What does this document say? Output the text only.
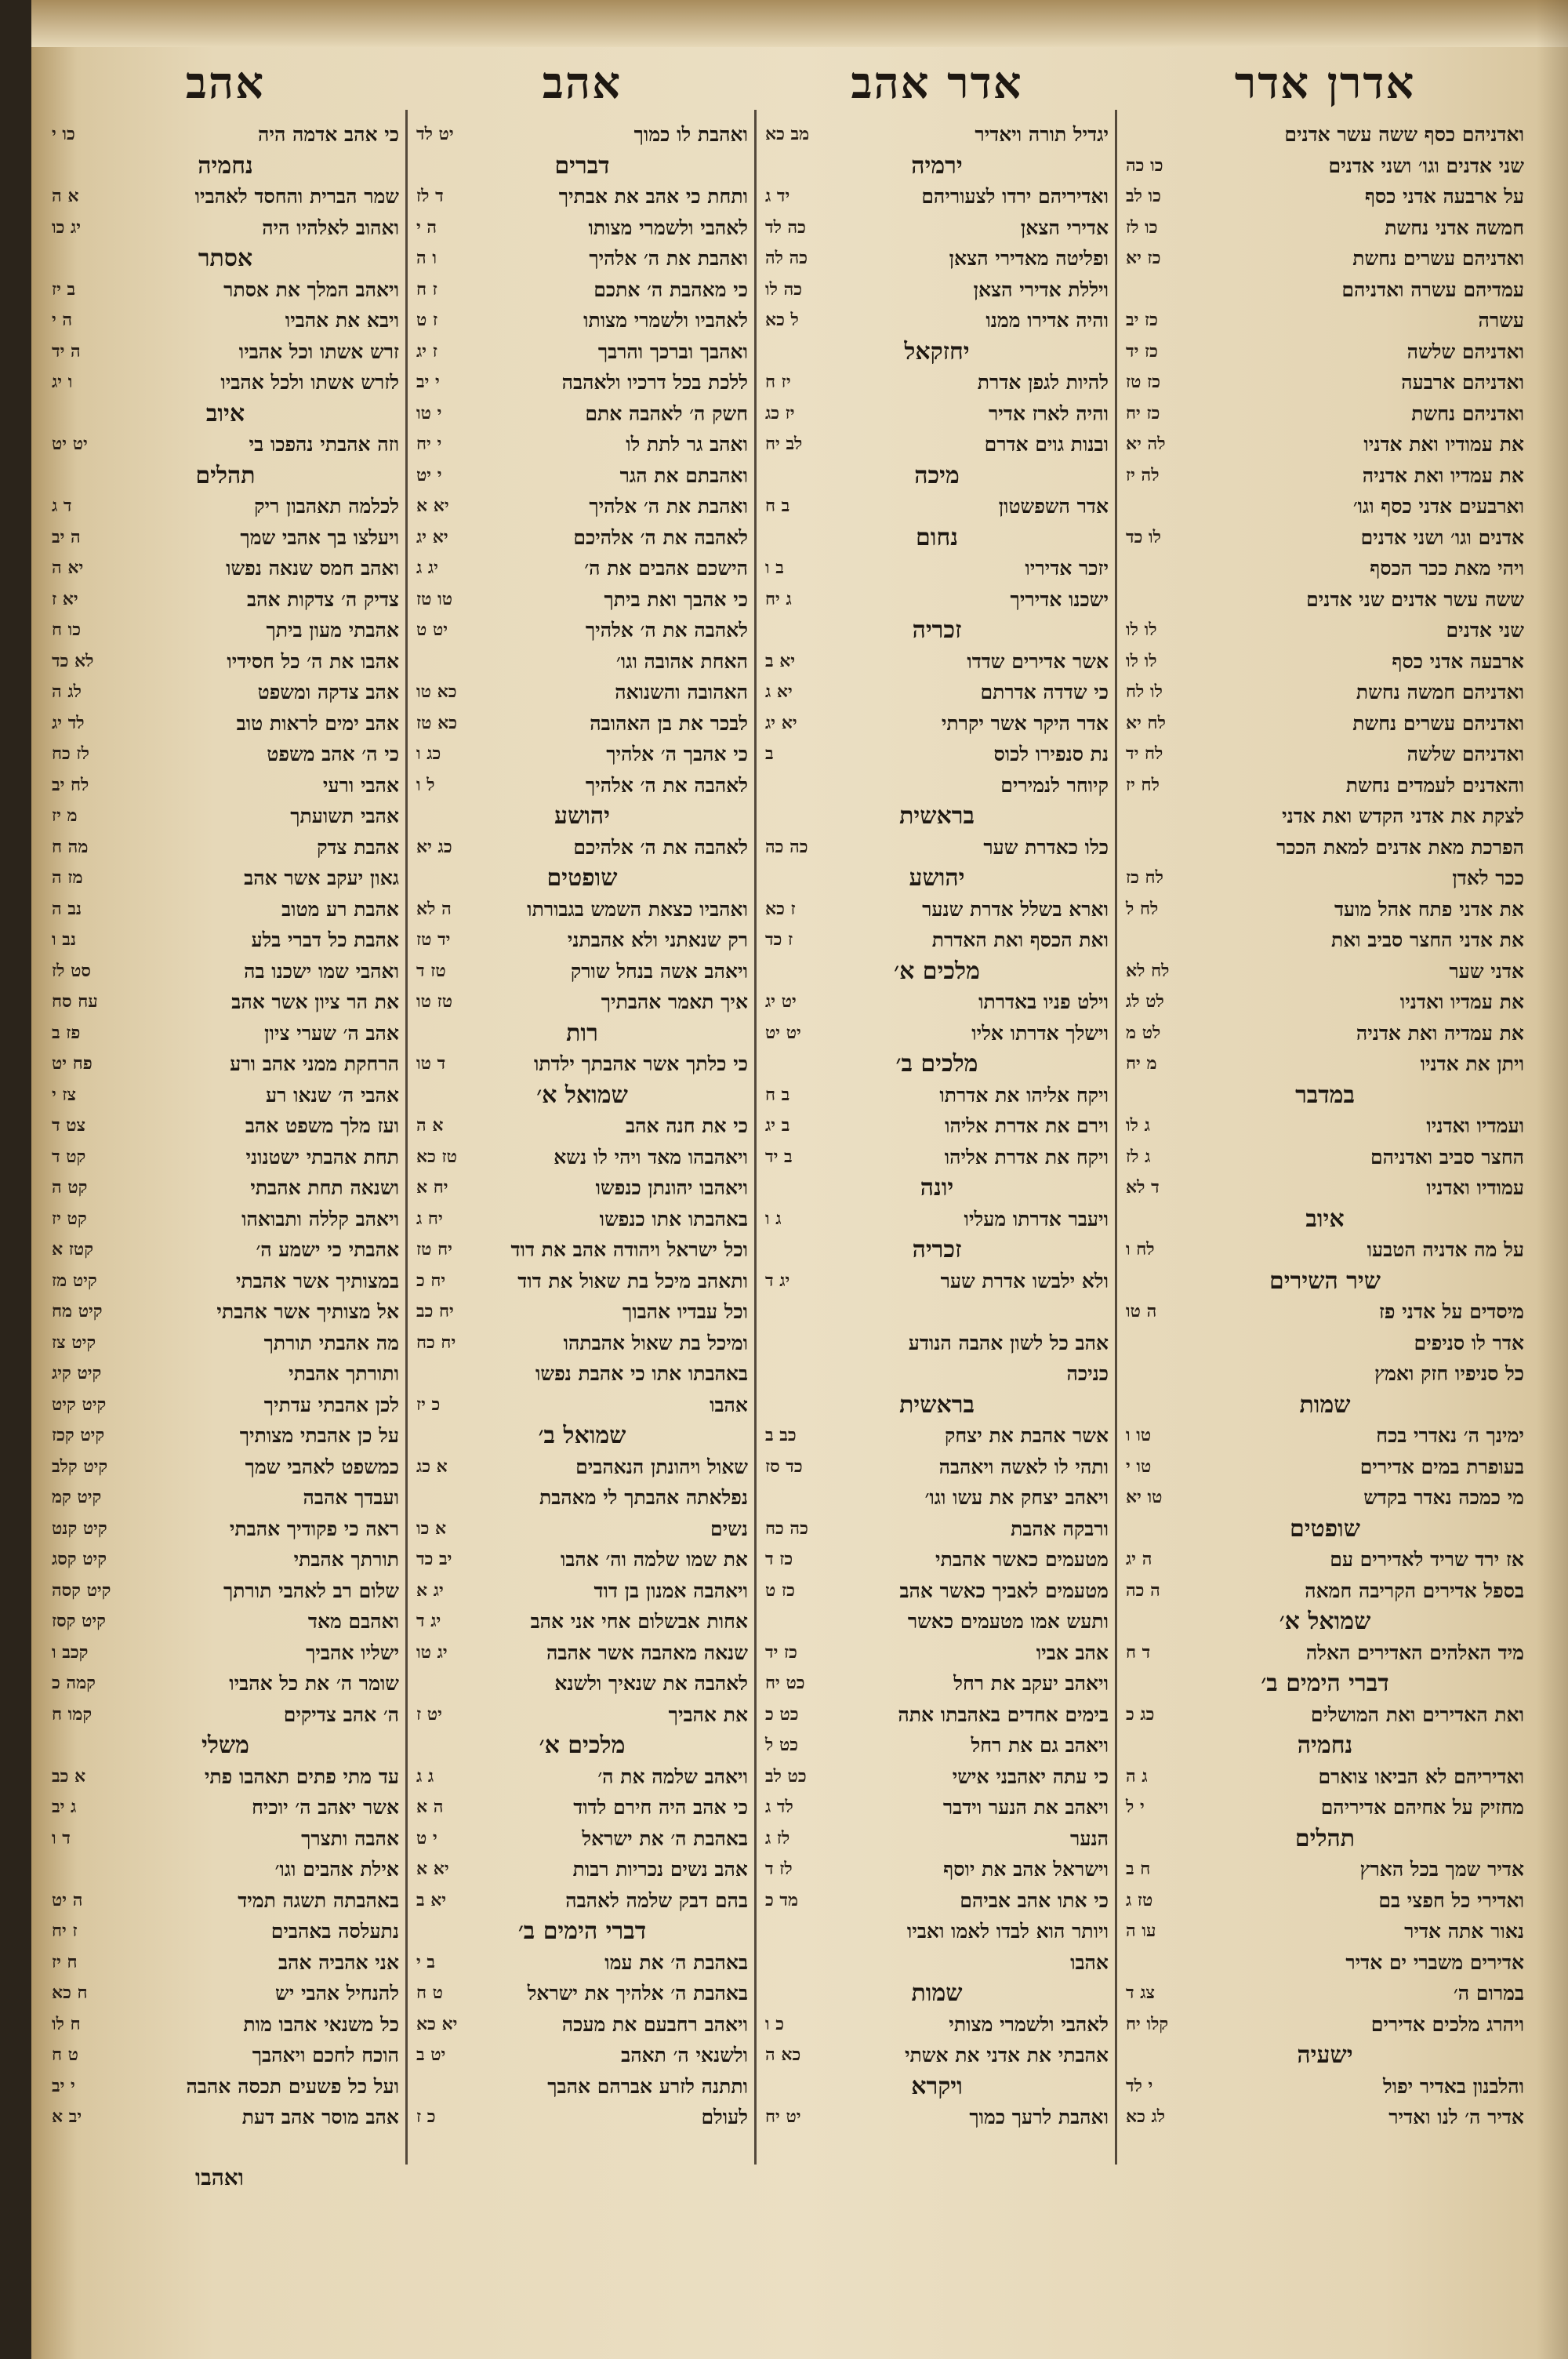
אדרן אדר
ואדניהם כסף ששה עשר אדנים
שני אדנים וגו׳ ושני אדנים
כו כה
על ארבעה אדני כסף
כו לב
חמשה אדני נחשת
כו לז
ואדניהם עשרים נחשת
כז יא
עמדיהם עשרה ואדניהם
עשרה
כז יב
ואדניהם שלשה
כז יד
ואדניהם ארבעה
כז טז
ואדניהם נחשת
כז יח
את עמודיו ואת אדניו
לה יא
את עמדיו ואת אדניה
לה יז
וארבעים אדני כסף וגו׳
אדנים וגו׳ ושני אדנים
לו כד
ויהי מאת ככר הכסף
ששה עשר אדנים שני אדנים
שני אדנים
לו לו
ארבעה אדני כסף
לו לו
ואדניהם חמשה נחשת
לו לח
ואדניהם עשרים נחשת
לח יא
ואדניהם שלשה
לח יד
והאדנים לעמדים נחשת
לח יז
לצקת את אדני הקדש ואת אדני
הפרכת מאת אדנים למאת הככר
ככר לאדן
לח כז
את אדני פתח אהל מועד
לח ל
את אדני החצר סביב ואת
אדני שער
לח לא
את עמדיו ואדניו
לט לג
את עמדיה ואת אדניה
לט מ
ויתן את אדניו
מ יח
במדבר
ועמדיו ואדניו
ג לו
החצר סביב ואדניהם
ג לז
עמודיו ואדניו
ד לא
איוב
על מה אדניה הטבעו
לח ו
שיר השירים
מיסדים על אדני פז
ה טו
אדר לו סניפים
כל סניפיו חזק ואמץ
שמות
ימינך ה׳ נאדרי בכח
טו ו
בעופרת במים אדירים
טו י
מי כמכה נאדר בקדש
טו יא
שופטים
אז ירד שריד לאדירים עם
ה יג
בספל אדירים הקריבה חמאה
ה כה
שמואל א׳
מיד האלהים האדירים האלה
ד ח
דברי הימים ב׳
ואת האדירים ואת המושלים
כג כ
נחמיה
ואדיריהם לא הביאו צוארם
ג ה
מחזיק על אחיהם אדיריהם
י ל
תהלים
אדיר שמך בכל הארץ
ח ב
ואדירי כל חפצי בם
טז ג
נאור אתה אדיר
עו ה
אדירים משברי ים אדיר
במרום ה׳
צג ד
ויהרג מלכים אדירים
קלו יח
ישעיה
והלבנון באדיר יפול
י לד
אדיר ה׳ לנו ואדיר
לג כא
אדר אהב
יגדיל תורה ויאדיר
מב כא
ירמיה
ואדיריהם ירדו לצעוריהם
יד ג
אדירי הצאן
כה לד
ופליטה מאדירי הצאן
כה לה
ויללת אדירי הצאן
כה לו
והיה אדירו ממנו
ל כא
יחזקאל
להיות לגפן אדרת
יז ח
והיה לארז אדיר
יז כג
ובנות גוים אדרם
לב יח
מיכה
אדר השפשטון
ב ח
נחום
יזכר אדיריו
ב ו
ישכנו אדיריך
ג יח
זכריה
אשר אדירים שדדו
יא ב
כי שדדה אדרתם
יא ג
אדר היקר אשר יקרתי
יא יג
נת סנפירו לכוס
ב
קיוחר לנמירים
בראשית
כלו כאדרת שער
כה כה
יהושע
וארא בשלל אדרת שנער
ז כא
ואת הכסף ואת האדרת
ז כד
מלכים א׳
וילט פניו באדרתו
יט יג
וישלך אדרתו אליו
יט יט
מלכים ב׳
ויקח אליהו את אדרתו
ב ח
וירם את אדרת אליהו
ב יג
ויקח את אדרת אליהו
ב יד
יונה
ויעבר אדרתו מעליו
ג ו
זכריה
ולא ילבשו אדרת שער
יג ד
אהב כל לשון אהבה הנודע
כניכה
בראשית
אשר אהבת את יצחק
כב ב
ותהי לו לאשה ויאהבה
כד סז
ויאהב יצחק את עשו וגו׳
ורבקה אהבת
כה כח
מטעמים כאשר אהבתי
כז ד
מטעמים לאביך כאשר אהב
כז ט
ותעש אמו מטעמים כאשר
אהב אביו
כז יד
ויאהב יעקב את רחל
כט יח
בימים אחדים באהבתו אתה
כט כ
ויאהב גם את רחל
כט ל
כי עתה יאהבני אישי
כט לב
ויאהב את הנער וידבר
לד ג
הנער
לז ג
וישראל אהב את יוסף
לז ד
כי אתו אהב אביהם
מד כ
ויותר הוא לבדו לאמו ואביו
אהבו
שמות
לאהבי ולשמרי מצותי
כ ו
אהבתי את אדני את אשתי
כא ה
ויקרא
ואהבת לרעך כמוך
יט יח
אהב
ואהבת לו כמוך
יט לד
דברים
ותחת כי אהב את אבתיך
ד לז
לאהבי ולשמרי מצותו
ה י
ואהבת את ה׳ אלהיך
ו ה
כי מאהבת ה׳ אתכם
ז ח
לאהביו ולשמרי מצותו
ז ט
ואהבך וברכך והרבך
ז יג
ללכת בכל דרכיו ולאהבה
י יב
חשק ה׳ לאהבה אתם
י טו
ואהב גר לתת לו
י יח
ואהבתם את הגר
י יט
ואהבת את ה׳ אלהיך
יא א
לאהבה את ה׳ אלהיכם
יא יג
הישכם אהבים את ה׳
יג ג
כי אהבך ואת ביתך
טו טז
לאהבה את ה׳ אלהיך
יט ט
האחת אהובה וגו׳
האהובה והשנואה
כא טו
לבכר את בן האהובה
כא טז
כי אהבך ה׳ אלהיך
כג ו
לאהבה את ה׳ אלהיך
ל ו
יהושע
לאהבה את ה׳ אלהיכם
כג יא
שופטים
ואהביו כצאת השמש בגבורתו
ה לא
רק שנאתני ולא אהבתני
יד טז
ויאהב אשה בנחל שורק
טז ד
איך תאמר אהבתיך
טז טו
רות
כי כלתך אשר אהבתך ילדתו
ד טו
שמואל א׳
כי את חנה אהב
א ה
ויאהבהו מאד ויהי לו נשא
טז כא
ויאהבו יהונתן כנפשו
יח א
באהבתו אתו כנפשו
יח ג
וכל ישראל ויהודה אהב את דוד
יח טז
ותאהב מיכל בת שאול את דוד
יח כ
וכל עבדיו אהבוך
יח כב
ומיכל בת שאול אהבתהו
יח כח
באהבתו אתו כי אהבת נפשו
אהבו
כ יז
שמואל ב׳
שאול ויהונתן הנאהבים
א כג
נפלאתה אהבתך לי מאהבת
נשים
א כו
את שמו שלמה וה׳ אהבו
יב כד
ויאהבה אמנון בן דוד
יג א
אחות אבשלום אחי אני אהב
יג ד
שנאה מאהבה אשר אהבה
יג טו
לאהבה את שנאיך ולשנא
את אהביך
יט ז
מלכים א׳
ויאהב שלמה את ה׳
ג ג
כי אהב היה חירם לדוד
ה א
באהבת ה׳ את ישראל
י ט
אהב נשים נכריות רבות
יא א
בהם דבק שלמה לאהבה
יא ב
דברי הימים ב׳
באהבת ה׳ את עמו
ב י
באהבת ה׳ אלהיך את ישראל
ט ח
ויאהב רחבעם את מעכה
יא כא
ולשנאי ה׳ תאהב
יט ב
ותתנה לזרע אברהם אהבך
לעולם
כ ז
אהב
כי אהב אדמה היה
כו י
נחמיה
שמר הברית והחסד לאהביו
א ה
ואהוב לאלהיו היה
יג כו
אסתר
ויאהב המלך את אסתר
ב יז
ויבא את אהביו
ה י
זרש אשתו וכל אהביו
ה יד
לזרש אשתו ולכל אהביו
ו יג
איוב
וזה אהבתי נהפכו בי
יט יט
תהלים
לכלמה תאהבון ריק
ד ג
ויעלצו בך אהבי שמך
ה יב
ואהב חמס שנאה נפשו
יא ה
צדיק ה׳ צדקות אהב
יא ז
אהבתי מעון ביתך
כו ח
אהבו את ה׳ כל חסידיו
לא כד
אהב צדקה ומשפט
לג ה
אהב ימים לראות טוב
לד יג
כי ה׳ אהב משפט
לז כח
אהבי ורעי
לח יב
אהבי תשועתך
מ יז
אהבת צדק
מה ח
גאון יעקב אשר אהב
מז ה
אהבת רע מטוב
נב ה
אהבת כל דברי בלע
נב ו
ואהבי שמו ישכנו בה
סט לז
את הר ציון אשר אהב
עח סח
אהב ה׳ שערי ציון
פז ב
הרחקת ממני אהב ורע
פח יט
אהבי ה׳ שנאו רע
צז י
ועז מלך משפט אהב
צט ד
תחת אהבתי ישטנוני
קט ד
ושנאה תחת אהבתי
קט ה
ויאהב קללה ותבואהו
קט יז
אהבתי כי ישמע ה׳
קטז א
במצותיך אשר אהבתי
קיט מז
אל מצותיך אשר אהבתי
קיט מח
מה אהבתי תורתך
קיט צז
ותורתך אהבתי
קיט קיג
לכן אהבתי עדתיך
קיט קיט
על כן אהבתי מצותיך
קיט קכז
כמשפט לאהבי שמך
קיט קלב
ועבדך אהבה
קיט קמ
ראה כי פקודיך אהבתי
קיט קנט
תורתך אהבתי
קיט קסג
שלום רב לאהבי תורתך
קיט קסה
ואהבם מאד
קיט קסז
ישליו אהביך
קכב ו
שומר ה׳ את כל אהביו
קמה כ
ה׳ אהב צדיקים
קמו ח
משלי
עד מתי פתים תאהבו פתי
א כב
אשר יאהב ה׳ יוכיח
ג יב
אהבה ותצרך
ד ו
אילת אהבים וגו׳
באהבתה תשגה תמיד
ה יט
נתעלסה באהבים
ז יח
אני אהביה אהב
ח יז
להנחיל אהבי יש
ח כא
כל משנאי אהבו מות
ח לו
הוכח לחכם ויאהבך
ט ח
ועל כל פשעים תכסה אהבה
י יב
אהב מוסר אהב דעת
יב א
ואהבו
